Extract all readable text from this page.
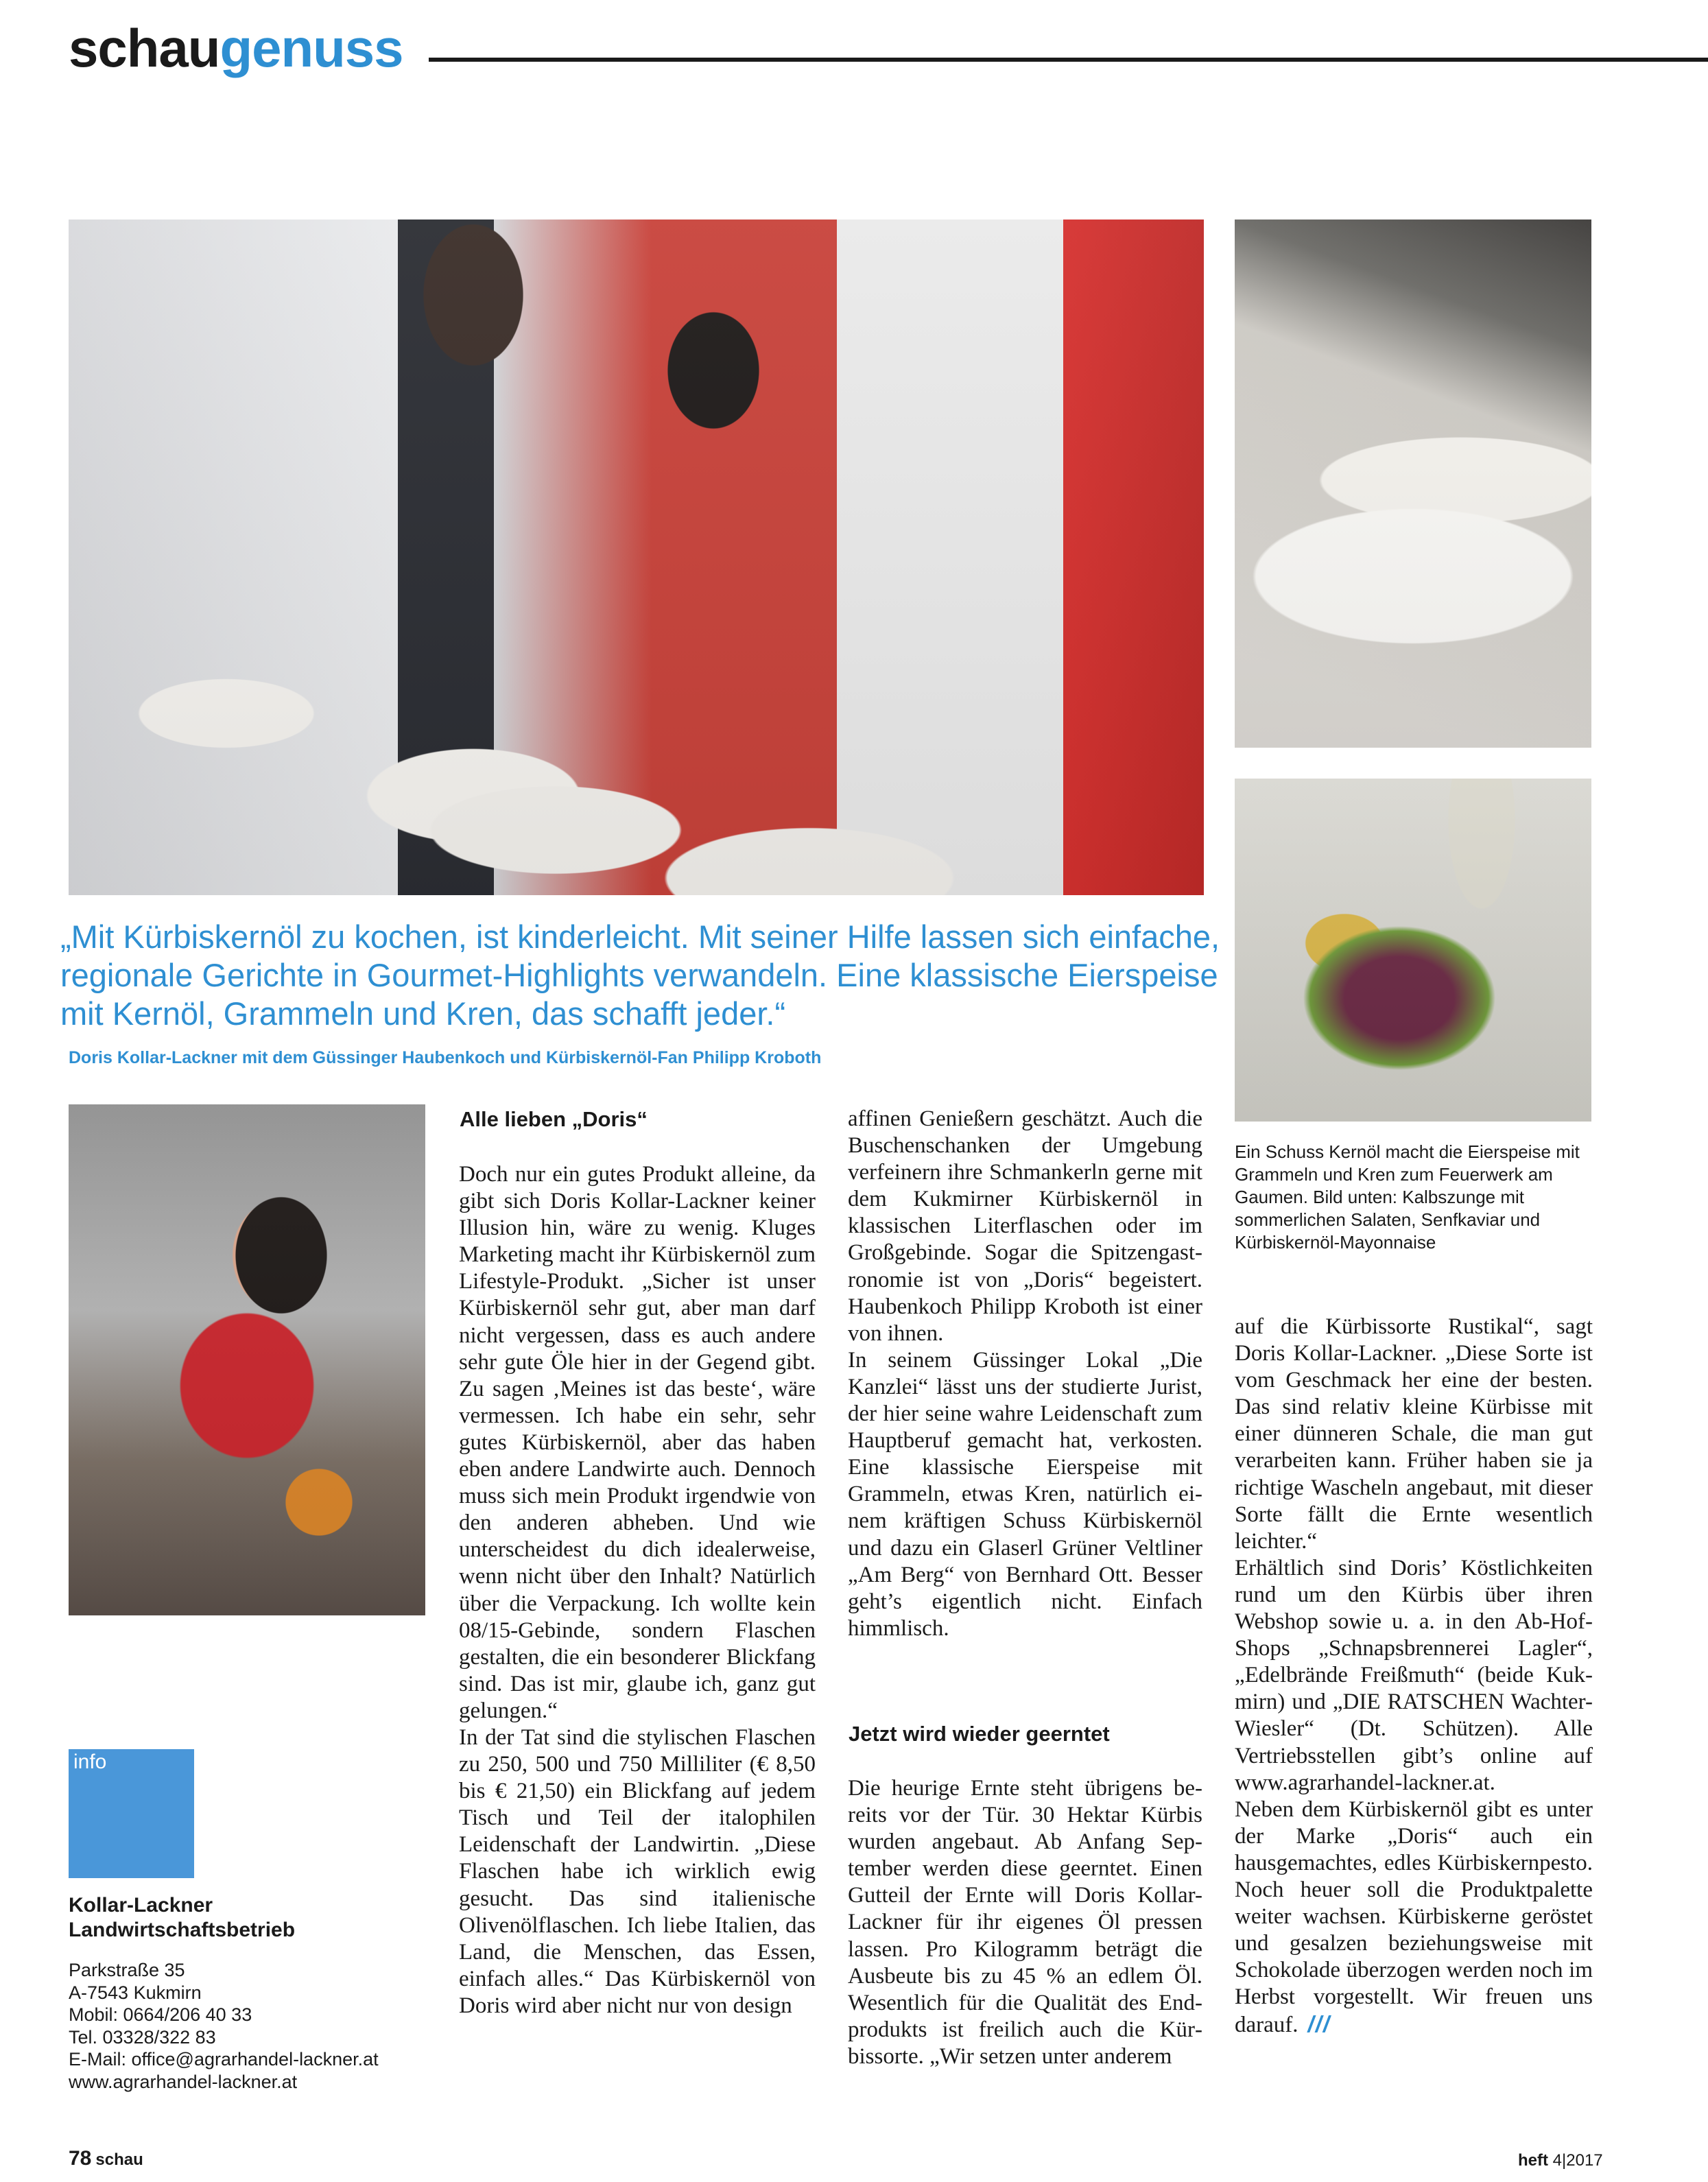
schaugenuss

„Mit Kürbiskernöl zu kochen, ist kinderleicht. Mit seiner Hilfe lassen sich einfache, regionale Gerichte in Gourmet-Highlights verwandeln. Eine klassische Eierspeise mit Kernöl, Grammeln und Kren, das schafft jeder.“

Doris Kollar-Lackner mit dem Güssinger Haubenkoch und Kürbiskernöl-Fan Philipp Kroboth

Ein Schuss Kernöl macht die Eierspeise mit Grammeln und Kren zum Feuerwerk am Gaumen. Bild unten: Kalbszunge mit sommerlichen Salaten, Senfkaviar und Kürbiskernöl-Mayonnaise

Alle lieben „Doris“

Doch nur ein gutes Produkt alleine, da gibt sich Doris Kollar-Lackner keiner Illusion hin, wäre zu wenig. Kluges Marketing macht ihr Kürbiskernöl zum Lifestyle-Produkt. „Sicher ist unser Kürbiskernöl sehr gut, aber man darf nicht vergessen, dass es auch andere sehr gute Öle hier in der Gegend gibt. Zu sagen ‚Meines ist das beste‘, wäre vermessen. Ich habe ein sehr, sehr gutes Kürbiskernöl, aber das haben eben andere Landwirte auch. Dennoch muss sich mein Produkt irgendwie von den anderen abheben. Und wie unterscheidest du dich idealerweise, wenn nicht über den Inhalt? Natürlich über die Verpackung. Ich wollte kein 08/15-Gebinde, sondern Flaschen gestalten, die ein besonderer Blickfang sind. Das ist mir, glaube ich, ganz gut gelungen.“

In der Tat sind die stylischen Flaschen zu 250, 500 und 750 Milliliter (€ 8,50 bis € 21,50) ein Blickfang auf jedem Tisch und Teil der italophilen Leidenschaft der Landwirtin. „Diese Flaschen habe ich wirklich ewig gesucht. Das sind italienische Olivenölflaschen. Ich liebe Italien, das Land, die Menschen, das Essen, einfach alles.“ Das Kürbiskernöl von Doris wird aber nicht nur von design

affinen Genießern geschätzt. Auch die Buschenschanken der Umgebung verfeinern ihre Schmankerln gerne mit dem Kukmirner Kürbiskernöl in klassischen Literflaschen oder im Großgebinde. Sogar die Spitzengastronomie ist von „Doris“ begeistert. Haubenkoch Philipp Kroboth ist einer von ihnen.

In seinem Güssinger Lokal „Die Kanzlei“ lässt uns der studierte Jurist, der hier seine wahre Leidenschaft zum Hauptberuf gemacht hat, verkosten. Eine klassische Eierspeise mit Grammeln, etwas Kren, natürlich einem kräftigen Schuss Kürbiskernöl und dazu ein Glaserl Grüner Veltliner „Am Berg“ von Bernhard Ott. Besser geht’s eigentlich nicht. Einfach himmlisch.

Jetzt wird wieder geerntet

Die heurige Ernte steht übrigens bereits vor der Tür. 30 Hektar Kürbis wurden angebaut. Ab Anfang September werden diese geerntet. Einen Gutteil der Ernte will Doris Kollar-Lackner für ihr eigenes Öl pressen lassen. Pro Kilogramm beträgt die Ausbeute bis zu 45 % an edlem Öl. Wesentlich für die Qualität des Endprodukts ist freilich auch die Kürbissorte. „Wir setzen unter anderem

auf die Kürbissorte Rustikal“, sagt Doris Kollar-Lackner. „Diese Sorte ist vom Geschmack her eine der besten. Das sind relativ kleine Kürbisse mit einer dünneren Schale, die man gut verarbeiten kann. Früher haben sie ja richtige Wascheln angebaut, mit dieser Sorte fällt die Ernte wesentlich leichter.“

Erhältlich sind Doris’ Köstlichkeiten rund um den Kürbis über ihren Webshop sowie u. a. in den Ab-Hof-Shops „Schnapsbrennerei Lagler“, „Edelbrände Freißmuth“ (beide Kukmirn) und „DIE RATSCHEN Wachter-Wiesler“ (Dt. Schützen). Alle Vertriebsstellen gibt’s online auf www.agrarhandel-lackner.at.

Neben dem Kürbiskernöl gibt es unter der Marke „Doris“ auch ein hausgemachtes, edles Kürbiskernpesto. Noch heuer soll die Produktpalette weiter wachsen. Kürbiskerne geröstet und gesalzen beziehungsweise mit Schokolade überzogen werden noch im Herbst vorgestellt. Wir freuen uns darauf. ///

info

Kollar-Lackner
Landwirtschaftsbetrieb

Parkstraße 35
A-7543 Kukmirn
Mobil: 0664/206 40 33
Tel. 03328/322 83
E-Mail: office@agrarhandel-lackner.at
www.agrarhandel-lackner.at
78 schau	heft 4|2017
